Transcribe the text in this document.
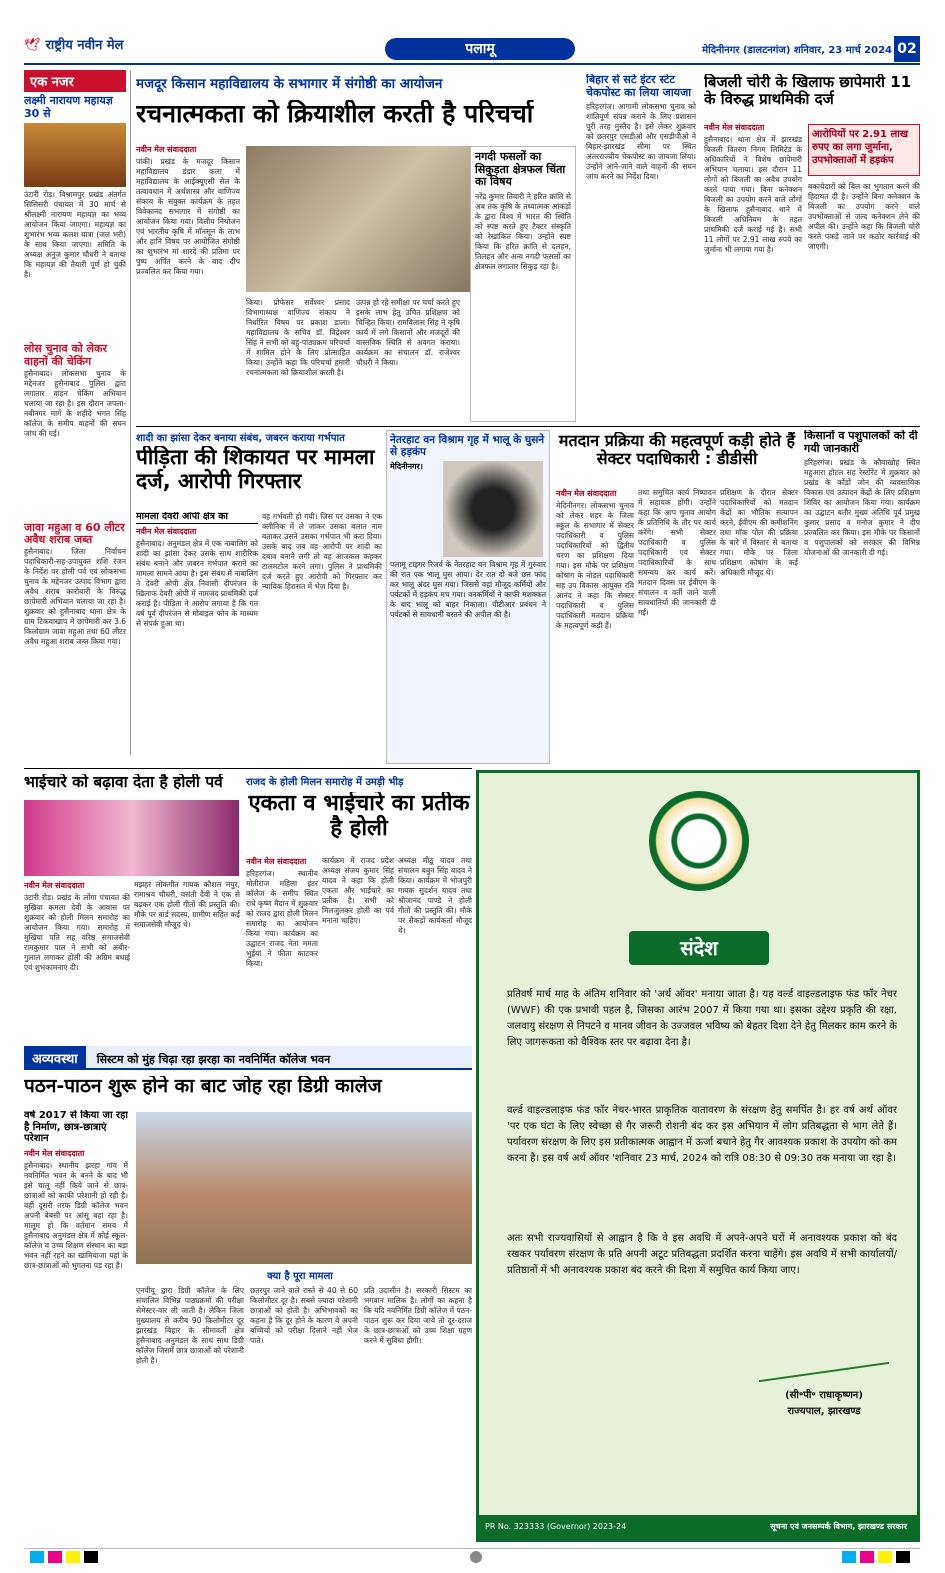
🕊 राष्ट्रीय नवीन मेल	पलामू	मेदिनीनगर (डालटनगंज) शनिवार, 23 मार्च 2024 02
एक नजर
लक्ष्मी नारायण महायज्ञ 30 से
उंटारी रोड़। विश्रामपुर प्रखंड अंतर्गत सिसिसरी पंचायत में 30 मार्च से श्रीलक्ष्मी नारायण महायज्ञ का भव्य आयोजन किया जाएगा। महायज्ञ का शुभारंभ भव्य कलश यात्रा (जल भरी) के साथ किया जाएगा। समिति के अध्यक्ष अनुज कुमार चौधरी ने बताया कि महायज्ञ की तैयारी पूर्ण हो चुकी है।
लोस चुनाव को लेकर वाहनों की चेकिंग
हुसैनाबाद। लोकसभा चुनाव के मद्देनजर हुसैनाबाद पुलिस द्वारा लगातार वाहन चेकिंग अभियान चलाया जा रहा है। इस दौरान जपला-नबीनगर मार्ग के शहीदे भगत सिंह कॉलेज के समीप वाहनों की सघन जांच की गई।
जावा महुआ व 60 लीटर अवैध शराब जब्त
हुसैनाबाद। जिला निर्वाचन पदाधिकारी-सह-उपायुक्त शशि रंजन के निर्देश पर होली पर्व एवं लोकसभा चुनाव के मद्देनजर उत्पाद विभाग द्वारा अवैध शराब कारोबारी के विरुद्ध छापेमारी अभियान चलाया जा रहा है। शुक्रवार को हुसैनाबाद थाना क्षेत्र के ग्राम टिकवाखाप में छापेमारी कर 3.6 किलोग्राम जावा महुआ तथा 60 लीटर अवैध महुआ शराब जब्त किया गया।
मजदूर किसान महाविद्यालय के सभागार में संगोष्ठी का आयोजन
रचनात्मकता को क्रियाशील करती है परिचर्चा
नवीन मेल संवाददाता
पांकी। प्रखंड के मजदूर किसान महाविद्यालय डंडार कला में महाविद्यालय के आईक्यूएसी सेल के तत्वावधान में अर्थशास्त्र और वाणिज्य संकाय के संयुक्त कार्यक्रम के तहत विवेकानंद सभागार में संगोष्ठी का आयोजन किया गया। वित्तीय नियोजन एवं भारतीय कृषि में मॉनसून के लाभ और हानि विषय पर आयोजित संगोष्ठी का शुभारंभ मां शारदे की प्रतिमा पर पुष्प अर्पित करने के बाद दीप प्रज्वलित कर किया गया।
किया। प्रोफेसर सर्वेश्वर प्रसाद विभागाध्यक्ष वाणिज्य संकाय ने निर्धारित विषय पर प्रकाश डाला। महाविद्यालय के सचिव डॉ. विद्रेश्वर सिंह ने सभी को बहु-पाठ्यक्रम परिचर्चा में शामिल होने के लिए प्रोत्साहित किया। उन्होंने कहा कि परिचर्चा हमारी रचनात्मकता को क्रियाशील करती है।
उत्पन्न हो रहे समीक्षा पर चर्चा करते हुए इसके लाभ हेतु उचित प्रशिक्षण को चिन्हित किया। रामविलास सिंह ने कृषि कार्य में लगे किसानों और मजदूरों की वास्तविक स्थिति से अवगत कराया। कार्यक्रम का संचालन डॉ. राजेश्वर चौधरी ने किया।
नगदी फसलों का सिकुड़ता क्षेत्रफल चिंता का विषय
नरेंद्र कुमार तिवारी ने हरित क्रांति से अब तक कृषि के तथ्यात्मक आंकड़ों के द्वारा विश्व में भारत की स्थिति को स्पष्ट करते हुए टैक्टर संस्कृति को रेखांकित किया। उन्होंने स्पष्ट किया कि हरित क्रांति से दलहन, तिलहन और अन्य नगदी फसलों का क्षेत्रफल लगातार सिकुड़ रहा है।
बिहार से सटे इंटर स्टेट चेकपोस्ट का लिया जायजा
हरिहरगंज। आगामी लोकसभा चुनाव को शांतिपूर्ण संपन्न कराने के लिए प्रशासन पूरी तरह मुस्तैद है। इसे लेकर शुक्रवार को छतरपुर एसडीओ और एसडीपीओ ने बिहार-झारखंड सीमा पर स्थित अंतरराज्यीय चेकपोस्ट का जायजा लिया। उन्होंने आने-जाने वाले वाहनों की सघन जांच करने का निर्देश दिया।
बिजली चोरी के खिलाफ छापेमारी 11 के विरुद्ध प्राथमिकी दर्ज
नवीन मेल संवाददाता
हुसैनाबाद। थाना क्षेत्र में झारखंड बिजली वितरण निगम लिमिटेड के अधिकारियों ने विशेष छापेमारी अभियान चलाया। इस दौरान 11 लोगों को बिजली का अवैध उपयोग करते पाया गया। बिना कनेक्शन बिजली का उपयोग करने वाले लोगों के खिलाफ हुसैनाबाद थाने में बिजली अधिनियम के तहत प्राथमिकी दर्ज कराई गई है। सभी 11 लोगों पर 2.91 लाख रुपये का जुर्माना भी लगाया गया है।
आरोपियों पर 2.91 लाख रुपए का लगा जुर्माना, उपभोक्ताओं में हड़कंप
बकायेदारों को बिल का भुगतान करने की हिदायत दी है। उन्होंने बिना कनेक्शन के बिजली का उपयोग करने वाले उपभोक्ताओं से जल्द कनेक्शन लेने की अपील की। उन्होंने कहा कि बिजली चोरी करते पकड़े जाने पर कठोर कार्रवाई की जाएगी।
शादी का झांसा देकर बनाया संबंध, जबरन कराया गर्भपात
पीड़िता की शिकायत पर मामला दर्ज, आरोपी गिरफ्तार
मामला देवरी ओपी क्षेत्र का
नवीन मेल संवाददाता
हुसैनाबाद। अनुमंडल क्षेत्र में एक नाबालिग को शादी का झांसा देकर उसके साथ शारीरिक संबंध बनाने और जबरन गर्भपात कराने का मामला सामने आया है। इस संबंध में नाबालिग ने देवरी ओपी क्षेत्र निवासी दीपरंजन के खिलाफ देवरी ओपी में नामजद प्राथमिकी दर्ज कराई है। पीड़िता ने आरोप लगाया है कि गत वर्ष पूर्व दीपरंजन से मोबाइल फोन के माध्यम से संपर्क हुआ था।
वह गर्भवती हो गयी। जिस पर उसका ने एक क्लीनिक में ले जाकर उसका बलात नाम बताकर उसने उसका गर्भपात भी करा दिया। उसके बाद जब वह आरोपी पर शादी का दबाव बनाने लगी तो वह आजकल कहकर टालमटोल करने लगा। पुलिस ने प्राथमिकी दर्ज करते हुए आरोपी को गिरफ्तार कर न्यायिक हिरासत में भेज दिया है।
नेतरहाट वन विश्राम गृह में भालू के घुसने से हड़कंप
मेदिनीनगर।
पलामू टाइगर रिजर्व के नेतरहाट वन विश्राम गृह में गुरुवार की रात एक भालू घुस आया। देर रात दो बजे छत फांद कर भालू अंदर घुस गया। जिससे वहां मौजूद कर्मियों और पर्यटकों में हड़कंप मच गया। वनकर्मियों ने काफी मशक्कत के बाद भालू को बाहर निकाला। पीटीआर प्रबंधन ने पर्यटकों से सावधानी बरतने की अपील की है।
मतदान प्रक्रिया की महत्वपूर्ण कड़ी होते हैं सेक्टर पदाधिकारी : डीडीसी
नवीन मेल संवाददाता
मेदिनीनगर। लोकसभा चुनाव को लेकर शहर के जिला स्कूल के सभागार में सेक्टर पदाधिकारी व पुलिस पदाधिकारियों को द्वितीय चरण का प्रशिक्षण दिया गया। इस मौके पर प्रशिक्षण कोषांग के नोडल पदाधिकारी सह उप विकास आयुक्त रवि आनंद ने कहा कि सेक्टर पदाधिकारी व पुलिस पदाधिकारी मतदान प्रक्रिया के महत्वपूर्ण कड़ी हैं।
तथा समुचित कार्य निष्पादन में सहायक होंगी। उन्होंने कहा कि आप चुनाव आयोग के प्रतिनिधि के तौर पर कार्य करेंगे। सभी सेक्टर पदाधिकारी व पुलिस पदाधिकारी एवं सेक्टर पदाधिकारियों के साथ समन्वय कर कार्य करें। मतदान दिवस पर ईवीएम के संचालन व वर्ती जाने वाली सावधानियों की जानकारी दी गई।
प्रशिक्षण के दौरान सेक्टर पदाधिकारियों को मतदान केंद्रों का भौतिक सत्यापन करने, ईवीएम की कमीशनिंग तथा मॉक पोल की प्रक्रिया के बारे में विस्तार से बताया गया। मौके पर जिला प्रशिक्षण कोषांग के कई अधिकारी मौजूद थे।
किसानों व पशुपालकों को दी गयी जानकारी
हरिहरगंज। प्रखंड के कौवाखोह स्थित महुआरा होटल सह रेस्टोरेंट में शुक्रवार को प्रखंड के कोंडों जोन की व्यवसायिक विकास एवं उत्पादन केंद्रों के लिए प्रशिक्षण शिविर का आयोजन किया गया। कार्यक्रम का उद्घाटन बतौर मुख्य अतिथि पूर्व प्रमुख कुमार प्रसाद व मनोज कुमार ने दीप प्रज्वलित कर किया। इस मौके पर किसानों व पशुपालकों को सरकार की विभिन्न योजनाओं की जानकारी दी गई।
भाईचारे को बढ़ावा देता है होली पर्व
नवीन मेल संवाददाता
उंटारी रोड़। प्रखंड के लोंगा पंचायत की मुखिया कमला देवी के आवास पर शुक्रवार को होली मिलन समारोह का आयोजन किया गया। समारोह में मुखिया पति सह वरिष्ठ समाजसेवी रामकुमार पाल ने सभी को अबीर-गुलाल लगाकर होली की अग्रिम बधाई एवं शुभकामनाएं दी।
मझहर लोकगीत गायक कौशल मयुर, रामाश्रय चौधरी, वसंती देवी ने एक से बढ़कर एक होली गीतों की प्रस्तुति की। मौके पर वार्ड सदस्य, ग्रामीण सहित कई समाजसेवी मौजूद थे।
राजद के होली मिलन समारोह में उमड़ी भीड़
एकता व भाईचारे का प्रतीक है होली
नवीन मेल संवाददाता
हरिहरगंज। स्थानीय मोतीराज महिला इंटर कॉलेज के समीप स्थित राधे कृष्ण मैदान में शुक्रवार को राजद द्वारा होली मिलन समारोह का आयोजन किया गया। कार्यक्रम का उद्घाटन राजद नेता ममता भुईयां ने फीता काटकर किया।
कार्यक्रम में राजद प्रदेश अध्यक्ष संजय कुमार सिंह यादव ने कहा कि होली एकता और भाईचारे का प्रतीक है। सभी को मिलजुलकर होली का पर्व मनाना चाहिए।
अध्यक्ष मीठू यादव तथा संचालन बबुन सिंह यादव ने किया। कार्यक्रम में भोजपुरी गायक सुदर्शन यादव तथा श्रीजानंद पाण्डे ने होली गीतों की प्रस्तुति की। मौके पर सैकड़ों कार्यकर्ता मौजूद थे।
अव्यवस्था सिस्टम को मुंह चिढ़ा रहा झरहा का नवनिर्मित कॉलेज भवन
पठन-पाठन शुरू होने का बाट जोह रहा डिग्री कालेज
वर्ष 2017 से किया जा रहा है निर्माण, छात्र-छात्राएं परेशान
नवीन मेल संवाददाता
हुसैनाबाद। स्थानीय झरहा गांव में नवनिर्मित भवन के बनने के बाद भी इसे चालू नहीं किये जाने से छात्र-छात्राओं को काफी परेशानी हो रही है। वहीं दूसरी तरफ डिग्री कॉलेज भवन अपनी बेबसी पर आंसू बहा रहा है। मालूम हो कि वर्तमान समय में हुसैनाबाद अनुमंडल क्षेत्र में कोई स्कूल-कॉलेज व उच्च शिक्षण संस्थान का बड़ा भवन नहीं रहने का खामियाजा यहां के छात्र-छात्राओं को भुगतना पड़ रहा है।
क्या है पूरा मामला
एनपीयू द्वारा डिग्री कॉलेज के लिए संचालित विभिन्न पाठ्यक्रमों की परीक्षा सेमेस्टर-वार ली जाती है। लेकिन जिला मुख्यालय से करीब 90 किलोमीटर दूर झारखंड बिहार के सीमावर्ती क्षेत्र हुसैनाबाद अनुमंडल के साथ साथ डिग्री कॉलेज जिसमें छात्र छात्राओं को परेशानी होती है।
छतरपुर जाने वाले रास्ते से 40 से 60 किलोमीटर दूर है। सबसे ज्यादा परेशानी छात्राओं को होती है। अभिभावकों का कहना है कि दूर होने के कारण वे अपनी बच्चियों को परीक्षा दिलाने नहीं भेज पाते।
प्रति उदासीन है। सरकारी सिस्टम का भगवान मालिक है। लोगों का कहना है कि यदि नवनिर्मित डिग्री कॉलेज में पठन-पाठन शुरू कर दिया जाये तो दूर-दराज के छात्र-छात्राओं को उच्च शिक्षा ग्रहण करने में सुविधा होगी।
संदेश
प्रतिवर्ष मार्च माह के अंतिम शनिवार को 'अर्थ ऑवर' मनाया जाता है। यह वर्ल्ड वाइल्डलाइफ फंड फॉर नेचर (WWF) की एक प्रभावी पहल है, जिसका आरंभ 2007 में किया गया था। इसका उद्देश्य प्रकृति की रक्षा, जलवायु संरक्षण से निपटने व मानव जीवन के उज्जवल भविष्य को बेहतर दिशा देने हेतु मिलकर काम करने के लिए जागरूकता को वैश्विक स्तर पर बढ़ावा देना है।
वर्ल्ड वाइल्डलाइफ फंड फॉर नेचर-भारत प्राकृतिक वातावरण के संरक्षण हेतु समर्पित है। हर वर्ष अर्थ ऑवर 'पर एक घंटा के लिए स्वेच्छा से गैर जरूरी रोशनी बंद कर इस अभियान में लोग प्रतिबद्धता से भाग लेते हैं। पर्यावरण संरक्षण के लिए इस प्रतीकात्मक आह्वान में ऊर्जा बचाने हेतु गैर आवश्यक प्रकाश के उपयोग को कम करना है। इस वर्ष अर्थ ऑवर 'शनिवार 23 मार्च, 2024 को रात्रि 08:30 से 09:30 तक मनाया जा रहा है।
अतः सभी राज्यवासियों से आह्वान है कि वे इस अवधि में अपने-अपने घरों में अनावश्यक प्रकाश को बंद रखकर पर्यावरण संरक्षण के प्रति अपनी अटूट प्रतिबद्धता प्रदर्शित करना चाहेंगे। इस अवधि में सभी कार्यालयों/प्रतिष्ठानों में भी अनावश्यक प्रकाश बंद करने की दिशा में समुचित कार्य किया जाए।
(सी॰पी॰ राधाकृष्णन)
राज्यपाल, झारखण्ड
PR No. 323333 (Governor) 2023-24	सूचना एवं जनसम्पर्क विभाग, झारखण्ड सरकार
